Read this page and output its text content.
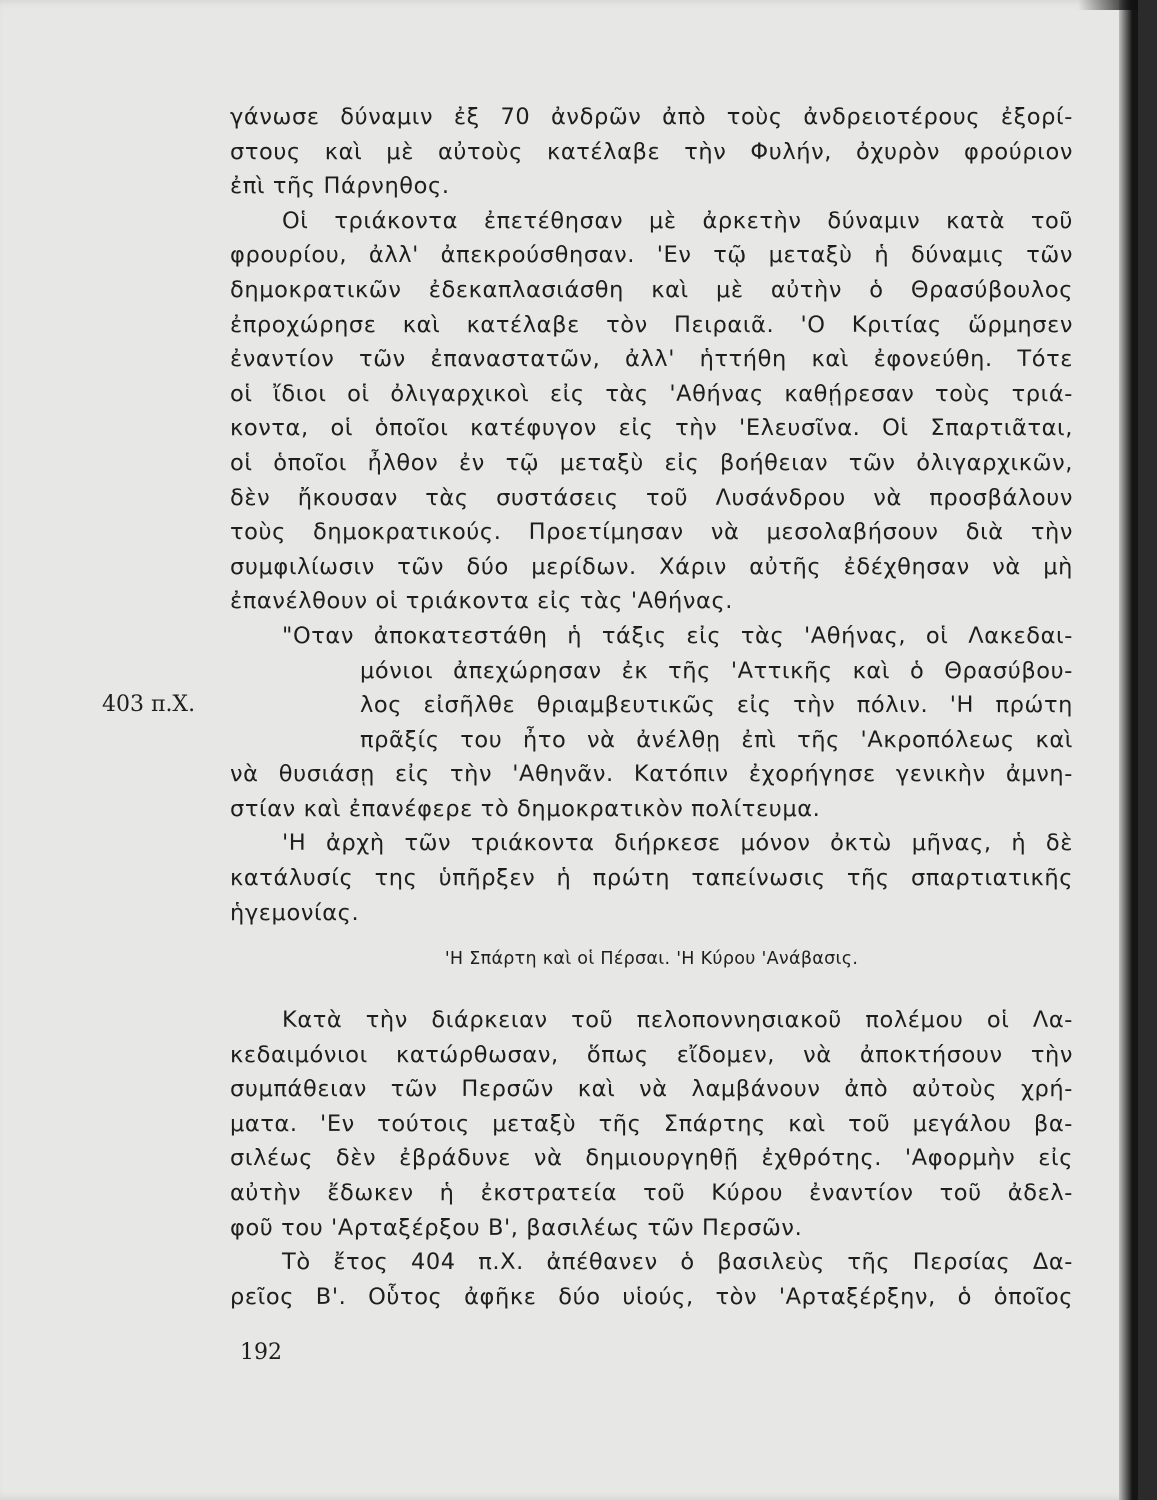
γάνωσε δύναμιν ἐξ 70 ἀνδρῶν ἀπὸ τοὺς ἀνδρειοτέρους ἐξορί-

στους καὶ μὲ αὐτοὺς κατέλαβε τὴν Φυλήν, ὀχυρὸν φρούριον

ἐπὶ τῆς Πάρνηθος.

Οἱ τριάκοντα ἐπετέθησαν μὲ ἀρκετὴν δύναμιν κατὰ τοῦ

φρουρίου, ἀλλ' ἀπεκρούσθησαν. 'Εν τῷ μεταξὺ ἡ δύναμις τῶν

δημοκρατικῶν ἐδεκαπλασιάσθη καὶ μὲ αὐτὴν ὁ Θρασύβουλος

ἐπροχώρησε καὶ κατέλαβε τὸν Πειραιᾶ. 'Ο Κριτίας ὥρμησεν

ἐναντίον τῶν ἐπαναστατῶν, ἀλλ' ἡττήθη καὶ ἐφονεύθη. Τότε

οἱ ἴδιοι οἱ ὀλιγαρχικοὶ εἰς τὰς 'Αθήνας καθῄρεσαν τοὺς τριά-

κοντα, οἱ ὁποῖοι κατέφυγον εἰς τὴν 'Ελευσῖνα. Οἱ Σπαρτιᾶται,

οἱ ὁποῖοι ἦλθον ἐν τῷ μεταξὺ εἰς βοήθειαν τῶν ὀλιγαρχικῶν,

δὲν ἤκουσαν τὰς συστάσεις τοῦ Λυσάνδρου νὰ προσβάλουν

τοὺς δημοκρατικούς. Προετίμησαν νὰ μεσολαβήσουν διὰ τὴν

συμφιλίωσιν τῶν δύο μερίδων. Χάριν αὐτῆς ἐδέχθησαν νὰ μὴ

ἐπανέλθουν οἱ τριάκοντα εἰς τὰς 'Αθήνας.

"Οταν ἀποκατεστάθη ἡ τάξις εἰς τὰς 'Αθήνας, οἱ Λακεδαι-

μόνιοι ἀπεχώρησαν ἐκ τῆς 'Αττικῆς καὶ ὁ Θρασύβου-

403 π.Χ.	λος εἰσῆλθε θριαμβευτικῶς εἰς τὴν πόλιν. 'Η πρώτη

πρᾶξίς του ἦτο νὰ ἀνέλθῃ ἐπὶ τῆς 'Ακροπόλεως καὶ

νὰ θυσιάσῃ εἰς τὴν 'Αθηνᾶν. Κατόπιν ἐχορήγησε γενικὴν ἀμνη-

στίαν καὶ ἐπανέφερε τὸ δημοκρατικὸν πολίτευμα.

'Η ἀρχὴ τῶν τριάκοντα διήρκεσε μόνον ὀκτὼ μῆνας, ἡ δὲ

κατάλυσίς της ὑπῆρξεν ἡ πρώτη ταπείνωσις τῆς σπαρτιατικῆς

ἡγεμονίας.

'Η Σπάρτη καὶ οἱ Πέρσαι. 'Η Κύρου 'Ανάβασις.

Κατὰ τὴν διάρκειαν τοῦ πελοποννησιακοῦ πολέμου οἱ Λα-

κεδαιμόνιοι κατώρθωσαν, ὅπως εἴδομεν, νὰ ἀποκτήσουν τὴν

συμπάθειαν τῶν Περσῶν καὶ νὰ λαμβάνουν ἀπὸ αὐτοὺς χρή-

ματα. 'Εν τούτοις μεταξὺ τῆς Σπάρτης καὶ τοῦ μεγάλου βα-

σιλέως δὲν ἐβράδυνε νὰ δημιουργηθῇ ἐχθρότης. 'Αφορμὴν εἰς

αὐτὴν ἔδωκεν ἡ ἐκστρατεία τοῦ Κύρου ἐναντίον τοῦ ἀδελ-

φοῦ του 'Αρταξέρξου Β', βασιλέως τῶν Περσῶν.

Τὸ ἔτος 404 π.Χ. ἀπέθανεν ὁ βασιλεὺς τῆς Περσίας Δα-

ρεῖος Β'. Οὗτος ἀφῆκε δύο υἱούς, τὸν 'Αρταξέρξην, ὁ ὁποῖος

192
